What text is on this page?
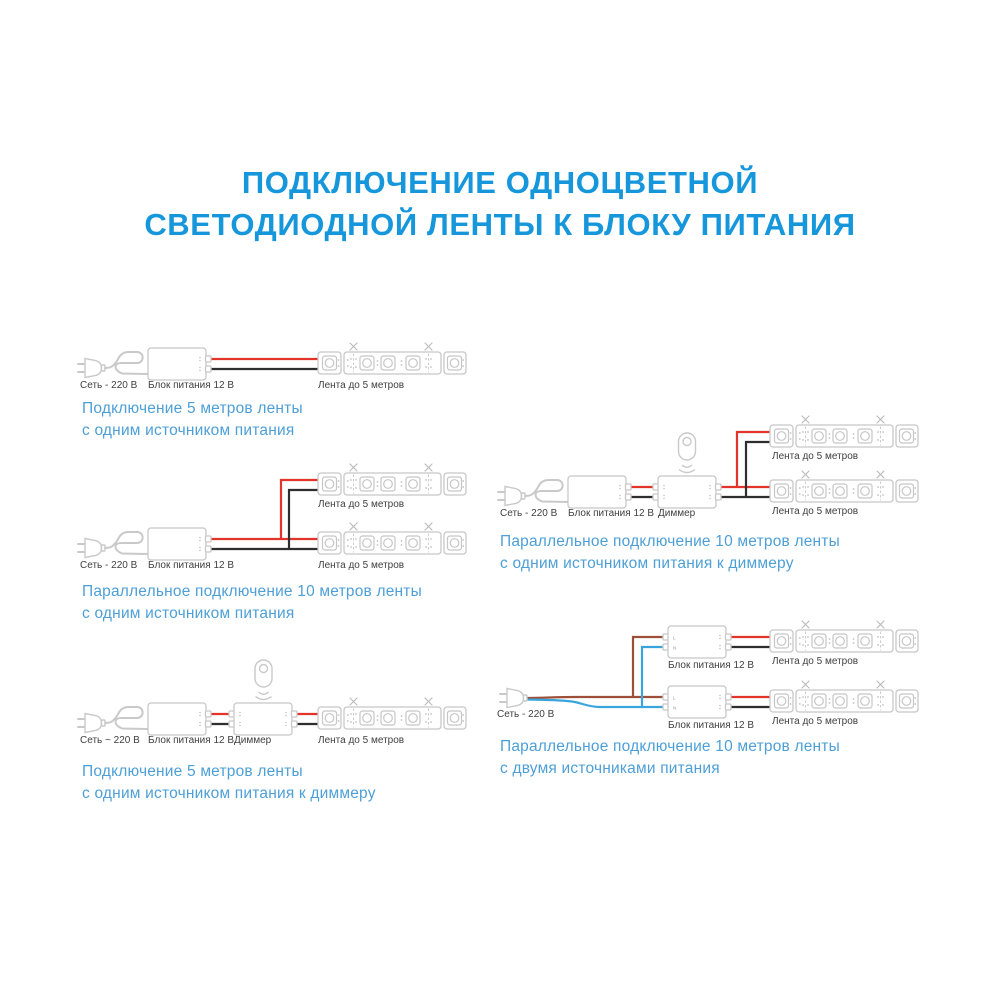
L
N
ПОДКЛЮЧЕНИЕ ОДНОЦВЕТНОЙ
СВЕТОДИОДНОЙ ЛЕНТЫ К БЛОКУ ПИТАНИЯ
Сеть - 220 В Блок питания 12 В	Лента до 5 метров
Подключение 5 метров ленты
с одним источником питания
Лента до 5 метров
Сеть - 220 В Блок питания 12 В	Лента до 5 метров
Параллельное подключение 10 метров ленты
с одним источником питания
Сеть ~ 220 В Блок питания 12 В Диммер	Лента до 5 метров
Подключение 5 метров ленты
с одним источником питания к диммеру
Лента до 5 метров
Сеть - 220 В Блок питания 12 В Диммер	Лента до 5 метров
Параллельное подключение 10 метров ленты
с одним источником питания к диммеру
Блок питания 12 В Лента до 5 метров
Сеть - 220 В
Блок питания 12 В Лента до 5 метров
Параллельное подключение 10 метров ленты
с двумя источниками питания
